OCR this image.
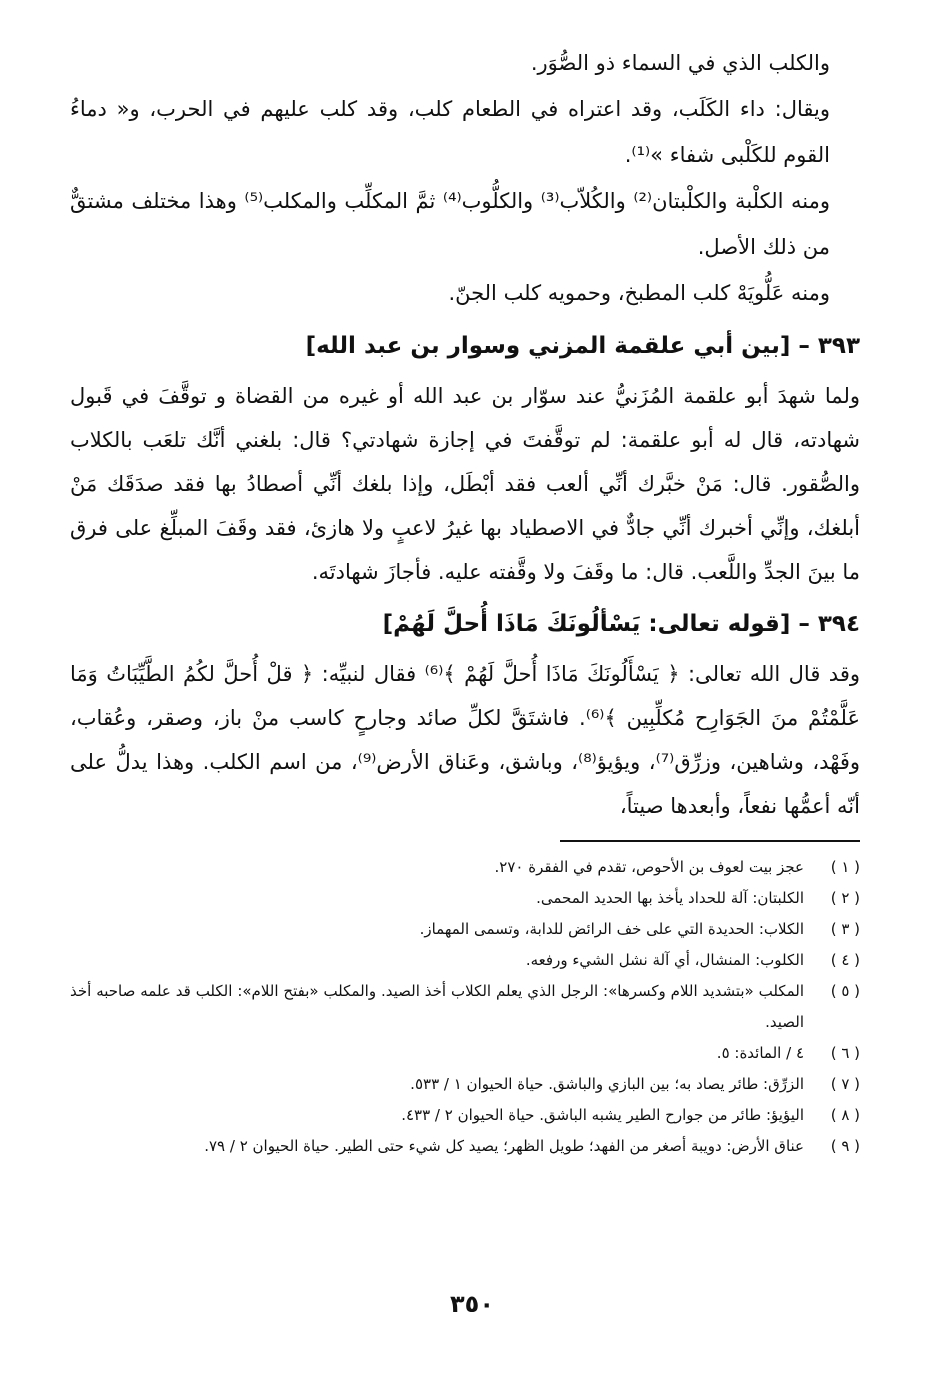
والكلب الذي في السماء ذو الصُّوَر.

ويقال: داء الكَلَب، وقد اعتراه في الطعام كلب، وقد كلب عليهم في الحرب، و« دماءُ القوم للكَلْبى شفاء »⁽¹⁾.

ومنه الكلْبة والكلْبتان⁽²⁾ والكُلاّب⁽³⁾ والكلُّوب⁽⁴⁾ ثمَّ المكلِّب والمكلب⁽⁵⁾ وهذا مختلف مشتقٌّ من ذلك الأصل.

ومنه عَلُّويَهْ كلب المطبخ، وحمويه كلب الجنّ.

٣٩٣ – [بين أبي علقمة المزني وسوار بن عبد الله]

ولما شهدَ أبو علقمة المُزَنيُّ عند سوّار بن عبد الله أو غيره من القضاة و توقَّفَ في قَبول شهادته، قال له أبو علقمة: لم توقَّفتَ في إجازة شهادتي؟ قال: بلغني أنَّك تلعَب بالكلاب والصُّقور. قال: مَنْ خبَّرك أنِّي ألعب فقد أبْطَل، وإذا بلغك أنِّي أصطادُ بها فقد صدَقَك مَنْ أبلغك، وإنِّي أخبرك أنِّي جادٌّ في الاصطياد بها غيرُ لاعبٍ ولا هازئ، فقد وقَفَ المبلِّغ على فرق ما بينَ الجدِّ واللَّعب. قال: ما وقَفَ ولا وقَّفته عليه. فأجازَ شهادتَه.

٣٩٤ – [قوله تعالى: يَسْألُونَكَ مَاذَا أُحلَّ لَهُمْ]

وقد قال الله تعالى: ﴿ يَسْأَلُونَكَ مَاذَا أُحلَّ لَهُمْ ﴾⁽⁶⁾ فقال لنبيِّه: ﴿ قلْ أُحلَّ لكُمُ الطَّيِّبَاتُ وَمَا عَلَّمْتُمْ منَ الجَوَارِح مُكلِّبِين ﴾⁽⁶⁾. فاشتَقَّ لكلِّ صائد وجارحٍ كاسب منْ باز، وصقر، وعُقاب، وفَهْد، وشاهين، وزرِّق⁽⁷⁾، ويؤيؤ⁽⁸⁾، وباشق، وعَناق الأرض⁽⁹⁾، من اسم الكلب. وهذا يدلُّ على أنّه أعمُّها نفعاً، وأبعدها صيتاً،

( ١ )
عجز بيت لعوف بن الأحوص، تقدم في الفقرة ٢٧٠.
( ٢ )
الكلبتان: آلة للحداد يأخذ بها الحديد المحمى.
( ٣ )
الكلاب: الحديدة التي على خف الرائض للدابة، وتسمى المهماز.
( ٤ )
الكلوب: المنشال، أي آلة نشل الشيء ورفعه.
( ٥ )
المكلب «بتشديد اللام وكسرها»: الرجل الذي يعلم الكلاب أخذ الصيد. والمكلب «بفتح اللام»: الكلب قد علمه صاحبه أخذ الصيد.
( ٦ )
٤ / المائدة: ٥.
( ٧ )
الزرِّق: طائر يصاد به؛ بين البازي والباشق. حياة الحيوان ١ / ٥٣٣.
( ٨ )
اليؤيؤ: طائر من جوارح الطير يشبه الباشق. حياة الحيوان ٢ / ٤٣٣.
( ٩ )
عناق الأرض: دويبة أصغر من الفهد؛ طويل الظهر؛ يصيد كل شيء حتى الطير. حياة الحيوان ٢ / ٧٩.
٣٥٠
